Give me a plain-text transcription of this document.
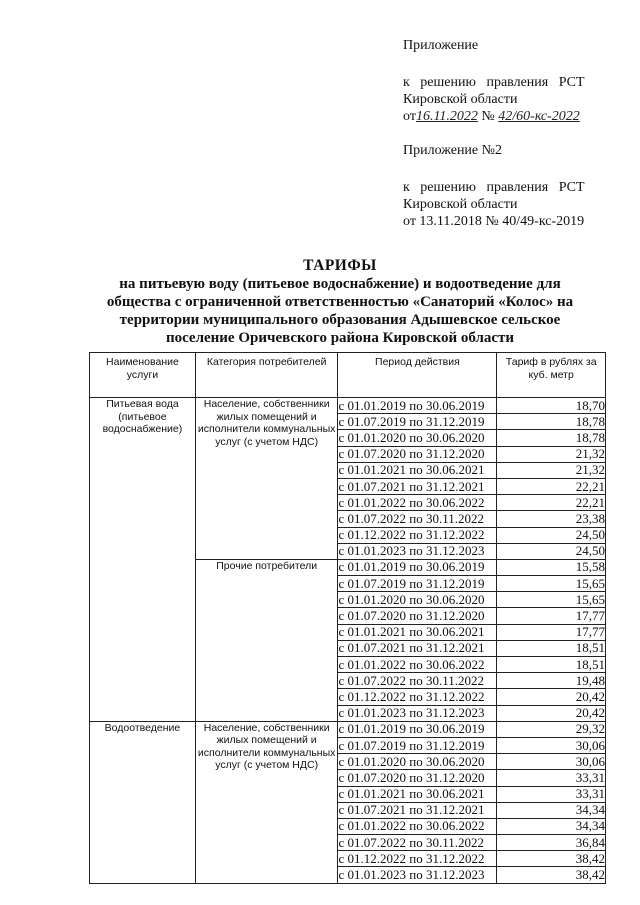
Приложение
к решению правления РСТ
Кировской области
от16.11.2022 № 42/60-кс-2022
Приложение №2
к решению правления РСТ
Кировской области
от 13.11.2018 № 40/49-кс-2019
ТАРИФЫ
на питьевую воду (питьевое водоснабжение) и водоотведение для
общества с ограниченной ответственностью «Санаторий «Колос» на
территории муниципального образования Адышевское сельское
поселение Оричевского района Кировской области
Наименование услуги	Категория потребителей	Период действия	Тариф в рублях за куб. метр
Питьевая вода (питьевое водоснабжение)	Население, собственники жилых помещений и исполнители коммунальных услуг (с учетом НДС)	с 01.01.2019 по 30.06.2019	18,70
		с 01.07.2019 по 31.12.2019	18,78
		с 01.01.2020 по 30.06.2020	18,78
		с 01.07.2020 по 31.12.2020	21,32
		с 01.01.2021 по 30.06.2021	21,32
		с 01.07.2021 по 31.12.2021	22,21
		с 01.01.2022 по 30.06.2022	22,21
		с 01.07.2022 по 30.11.2022	23,38
		с 01.12.2022 по 31.12.2022	24,50
		с 01.01.2023 по 31.12.2023	24,50
	Прочие потребители	с 01.01.2019 по 30.06.2019	15,58
		с 01.07.2019 по 31.12.2019	15,65
		с 01.01.2020 по 30.06.2020	15,65
		с 01.07.2020 по 31.12.2020	17,77
		с 01.01.2021 по 30.06.2021	17,77
		с 01.07.2021 по 31.12.2021	18,51
		с 01.01.2022 по 30.06.2022	18,51
		с 01.07.2022 по 30.11.2022	19,48
		с 01.12.2022 по 31.12.2022	20,42
		с 01.01.2023 по 31.12.2023	20,42
Водоотведение	Население, собственники жилых помещений и исполнители коммунальных услуг (с учетом НДС)	с 01.01.2019 по 30.06.2019	29,32
		с 01.07.2019 по 31.12.2019	30,06
		с 01.01.2020 по 30.06.2020	30,06
		с 01.07.2020 по 31.12.2020	33,31
		с 01.01.2021 по 30.06.2021	33,31
		с 01.07.2021 по 31.12.2021	34,34
		с 01.01.2022 по 30.06.2022	34,34
		с 01.07.2022 по 30.11.2022	36,84
		с 01.12.2022 по 31.12.2022	38,42
		с 01.01.2023 по 31.12.2023	38,42
